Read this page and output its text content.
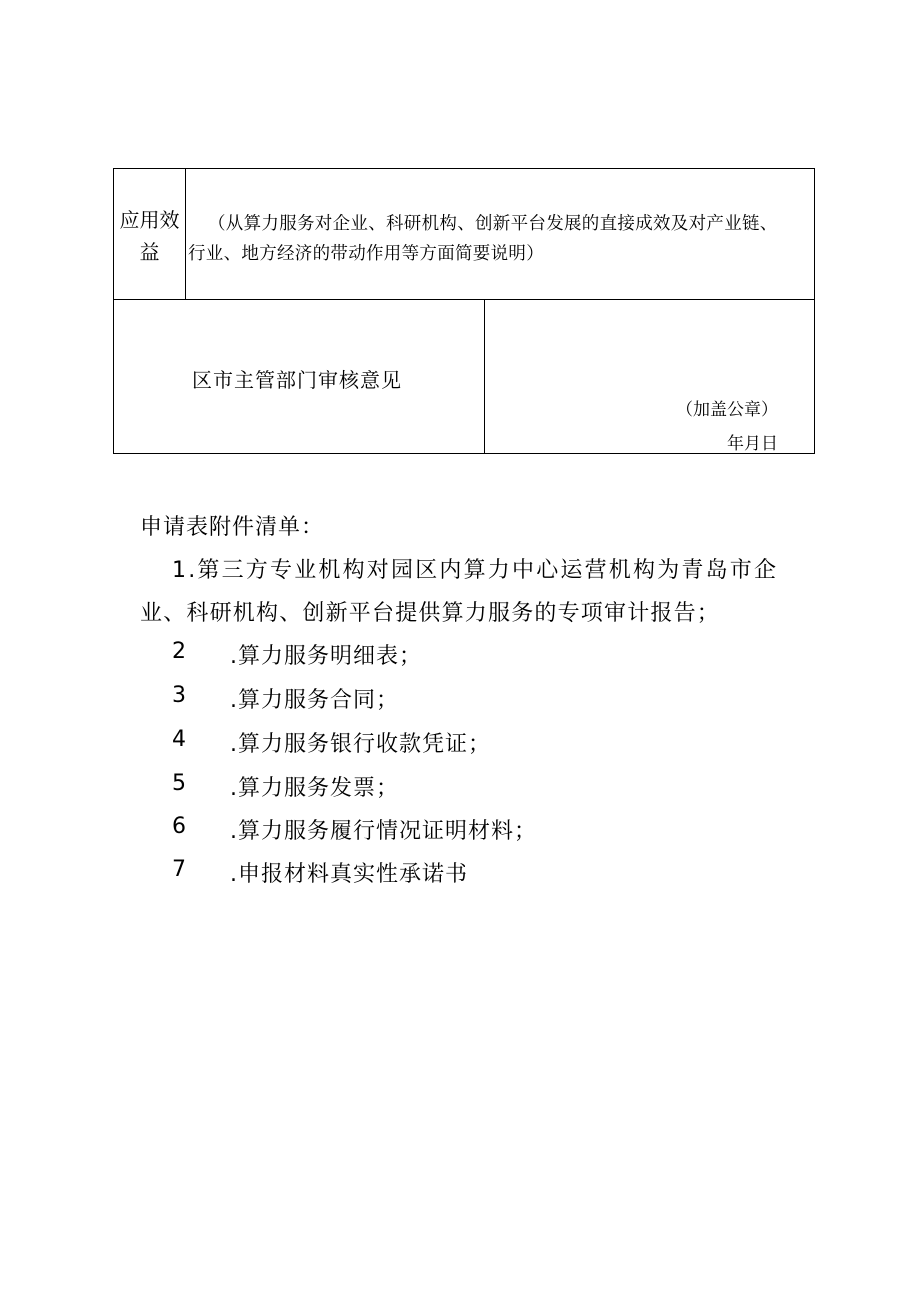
应用效
益
（从算力服务对企业、科研机构、创新平台发展的直接成效及对产业链、
行业、地方经济的带动作用等方面简要说明）
区市主管部门审核意见
（加盖公章）
年月日
申请表附件清单：
1.第三方专业机构对园区内算力中心运营机构为青岛市企
业、科研机构、创新平台提供算力服务的专项审计报告；
2 .算力服务明细表；
3 .算力服务合同；
4 .算力服务银行收款凭证；
5 .算力服务发票；
6 .算力服务履行情况证明材料；
7 .申报材料真实性承诺书
